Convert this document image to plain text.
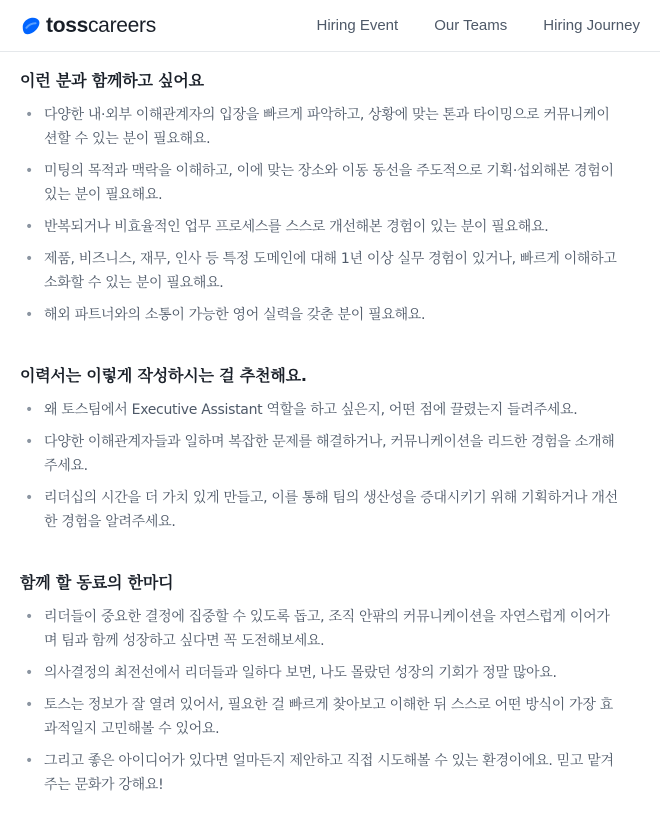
tosscareers	Hiring Event Our Teams Hiring Journey
이런 분과 함께하고 싶어요
• 다양한 내·외부 이해관계자의 입장을 빠르게 파악하고, 상황에 맞는 톤과 타이밍으로 커뮤니케이션할 수 있는 분이 필요해요.
• 미팅의 목적과 맥락을 이해하고, 이에 맞는 장소와 이동 동선을 주도적으로 기획·섭외해본 경험이 있는 분이 필요해요.
• 반복되거나 비효율적인 업무 프로세스를 스스로 개선해본 경험이 있는 분이 필요해요.
• 제품, 비즈니스, 재무, 인사 등 특정 도메인에 대해 1년 이상 실무 경험이 있거나, 빠르게 이해하고 소화할 수 있는 분이 필요해요.
• 해외 파트너와의 소통이 가능한 영어 실력을 갖춘 분이 필요해요.
이력서는 이렇게 작성하시는 걸 추천해요.
• 왜 토스팀에서 Executive Assistant 역할을 하고 싶은지, 어떤 점에 끌렸는지 들려주세요.
• 다양한 이해관계자들과 일하며 복잡한 문제를 해결하거나, 커뮤니케이션을 리드한 경험을 소개해주세요.
• 리더십의 시간을 더 가치 있게 만들고, 이를 통해 팀의 생산성을 증대시키기 위해 기획하거나 개선한 경험을 알려주세요.
함께 할 동료의 한마디
• 리더들이 중요한 결정에 집중할 수 있도록 돕고, 조직 안팎의 커뮤니케이션을 자연스럽게 이어가며 팀과 함께 성장하고 싶다면 꼭 도전해보세요.
• 의사결정의 최전선에서 리더들과 일하다 보면, 나도 몰랐던 성장의 기회가 정말 많아요.
• 토스는 정보가 잘 열려 있어서, 필요한 걸 빠르게 찾아보고 이해한 뒤 스스로 어떤 방식이 가장 효과적일지 고민해볼 수 있어요.
• 그리고 좋은 아이디어가 있다면 얼마든지 제안하고 직접 시도해볼 수 있는 환경이에요. 믿고 맡겨주는 문화가 강해요!
